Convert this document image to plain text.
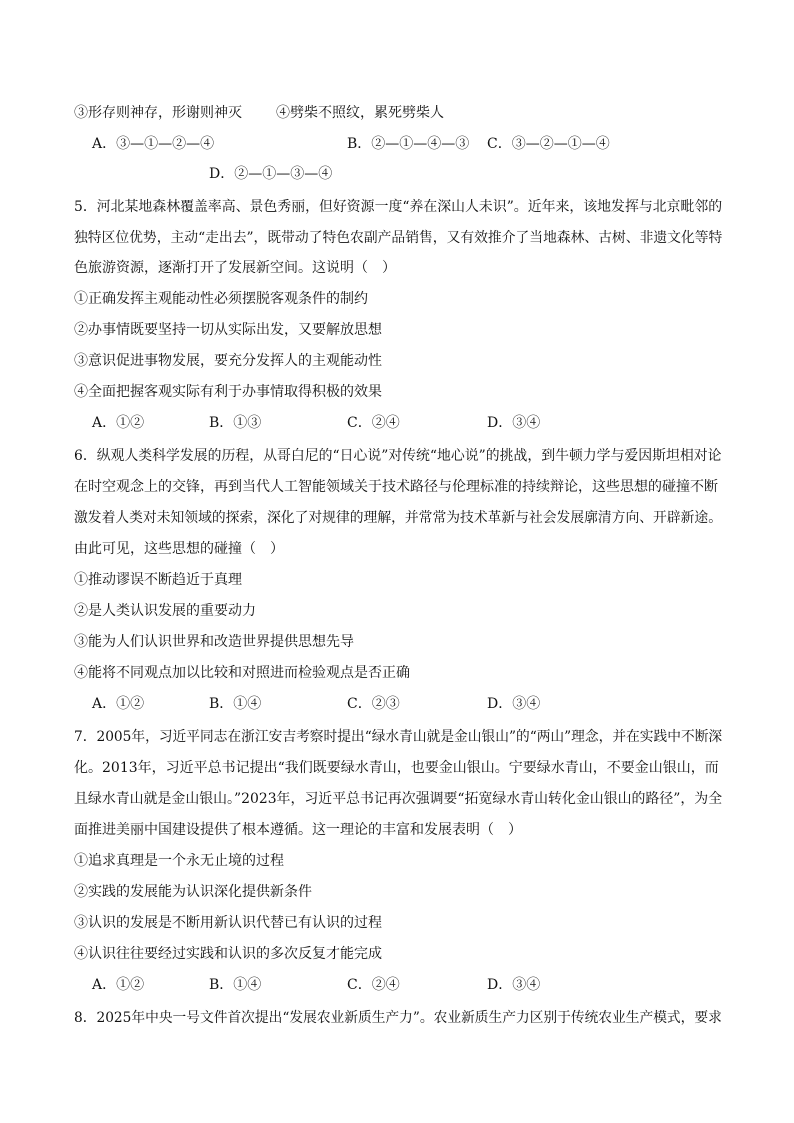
③形存则神存，形谢则神灭 ④劈柴不照纹，累死劈柴人
A．③—①—②—④	B．②—①—④—③ C．③—②—①—④
D．②—①—③—④
5．河北某地森林覆盖率高、景色秀丽，但好资源一度“养在深山人未识”。近年来，该地发挥与北京毗邻的
独特区位优势，主动“走出去”，既带动了特色农副产品销售，又有效推介了当地森林、古树、非遗文化等特
色旅游资源，逐渐打开了发展新空间。这说明（　）
①正确发挥主观能动性必须摆脱客观条件的制约
②办事情既要坚持一切从实际出发，又要解放思想
③意识促进事物发展，要充分发挥人的主观能动性
④全面把握客观实际有利于办事情取得积极的效果
A．①②	B．①③	C．②④	D．③④
6．纵观人类科学发展的历程，从哥白尼的“日心说”对传统“地心说”的挑战，到牛顿力学与爱因斯坦相对论
在时空观念上的交锋，再到当代人工智能领域关于技术路径与伦理标准的持续辩论，这些思想的碰撞不断
激发着人类对未知领域的探索，深化了对规律的理解，并常常为技术革新与社会发展廓清方向、开辟新途。
由此可见，这些思想的碰撞（　）
①推动谬误不断趋近于真理
②是人类认识发展的重要动力
③能为人们认识世界和改造世界提供思想先导
④能将不同观点加以比较和对照进而检验观点是否正确
A．①②	B．①④	C．②③	D．③④
7．2005年，习近平同志在浙江安吉考察时提出“绿水青山就是金山银山”的“两山”理念，并在实践中不断深
化。2013年，习近平总书记提出“我们既要绿水青山，也要金山银山。宁要绿水青山，不要金山银山，而
且绿水青山就是金山银山。”2023年，习近平总书记再次强调要“拓宽绿水青山转化金山银山的路径”，为全
面推进美丽中国建设提供了根本遵循。这一理论的丰富和发展表明（　）
①追求真理是一个永无止境的过程
②实践的发展能为认识深化提供新条件
③认识的发展是不断用新认识代替已有认识的过程
④认识往往要经过实践和认识的多次反复才能完成
A．①②	B．①④	C．②④	D．③④
8．2025年中央一号文件首次提出“发展农业新质生产力”。农业新质生产力区别于传统农业生产模式，要求
